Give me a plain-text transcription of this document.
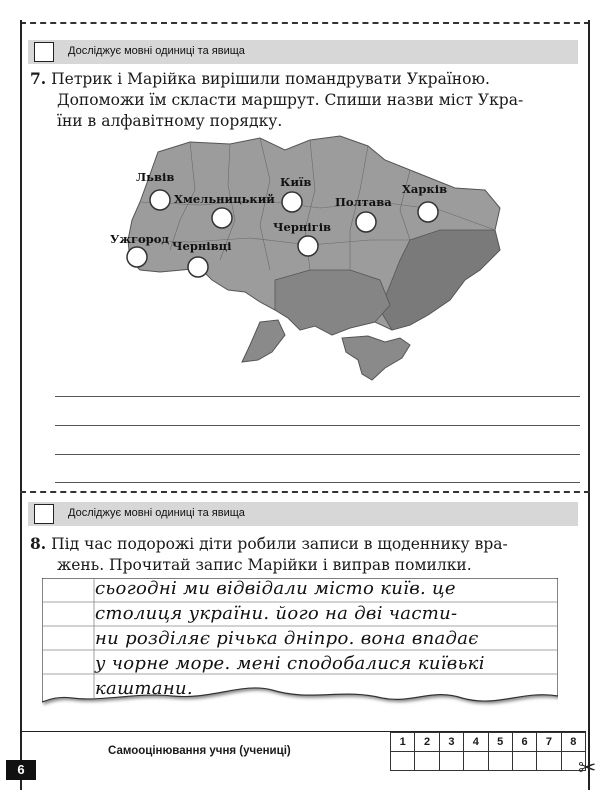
Досліджує мовні одиниці та явища
7. Петрик і Марійка вирішили помандрувати Україною.
Допоможи їм скласти маршрут. Спиши назви міст Укра-
їни в алфавітному порядку.
Львів
Хмельницький
Київ
Полтава
Харків
Ужгород Чернівці
Чернігів
Досліджує мовні одиниці та явища
8. Під час подорожі діти робили записи в щоденнику вра-
жень. Прочитай запис Марійки і виправ помилки.
сьогодні ми відвідали місто київ. це
столиця україни. його на дві части-
ни розділяє річька дніпро. вона впадає
у чорне море. мені сподобалися київькі
каштани.
Самооцінювання учня (учениці)
1	2	3	4	5	6	7	8

6	✂
